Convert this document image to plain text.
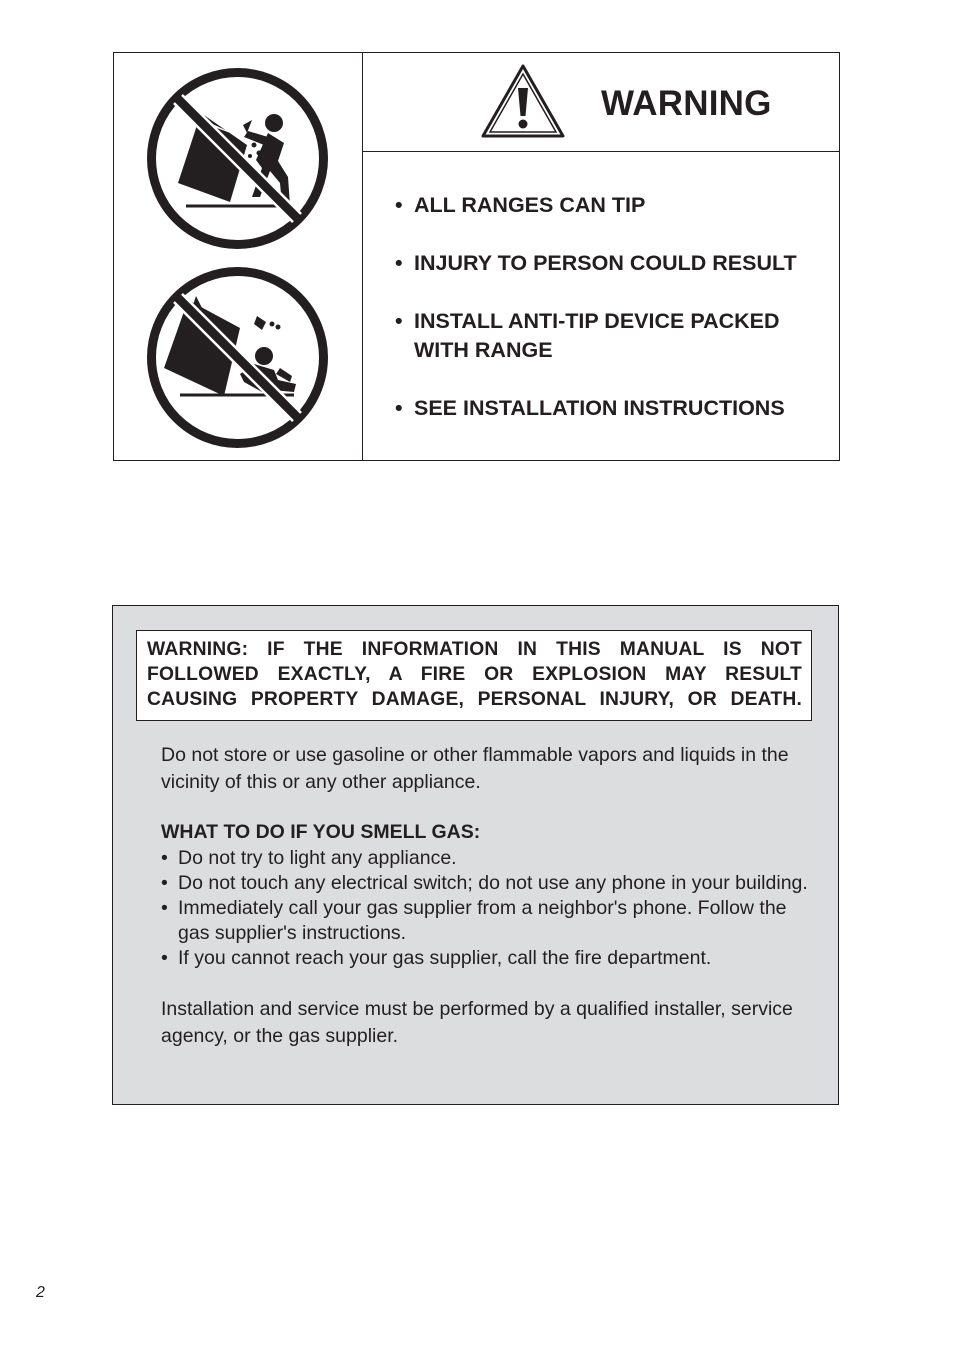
WARNING
• ALL RANGES CAN TIP
• INJURY TO PERSON COULD RESULT
• INSTALL ANTI-TIP DEVICE PACKED WITH RANGE
• SEE INSTALLATION INSTRUCTIONS

WARNING: IF THE INFORMATION IN THIS MANUAL IS NOT FOLLOWED EXACTLY, A FIRE OR EXPLOSION MAY RESULT CAUSING PROPERTY DAMAGE, PERSONAL INJURY, OR DEATH.

Do not store or use gasoline or other flammable vapors and liquids in the vicinity of this or any other appliance.

WHAT TO DO IF YOU SMELL GAS:

• Do not try to light any appliance.
• Do not touch any electrical switch; do not use any phone in your building.
• Immediately call your gas supplier from a neighbor's phone. Follow the gas supplier's instructions.
• If you cannot reach your gas supplier, call the fire department.

Installation and service must be performed by a qualified installer, service agency, or the gas supplier.

2
